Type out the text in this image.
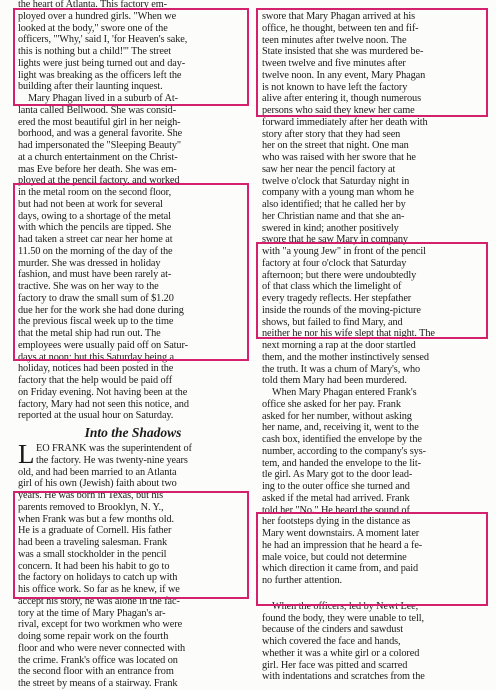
the heart of Atlanta. This factory em-
ployed over a hundred girls. "When we
looked at the body," swore one of the
officers, "'Why,' said I, 'for Heaven's sake,
this is nothing but a child!'" The street
lights were just being turned out and day-
light was breaking as the officers left the
building after their launting inquest.
Mary Phagan lived in a suburb of At-
lanta called Bellwood. She was consid-
ered the most beautiful girl in her neigh-
borhood, and was a general favorite. She
had impersonated the "Sleeping Beauty"
at a church entertainment on the Christ-
mas Eve before her death. She was em-
ployed at the pencil factory, and worked
in the metal room on the second floor,
but had not been at work for several
days, owing to a shortage of the metal
with which the pencils are tipped. She
had taken a street car near her home at
11.50 on the morning of the day of the
murder. She was dressed in holiday
fashion, and must have been rarely at-
tractive. She was on her way to the
factory to draw the small sum of $1.20
due her for the work she had done during
the previous fiscal week up to the time
that the metal ship had run out. The
employees were usually paid off on Satur-
days at noon; but this Saturday being a
holiday, notices had been posted in the
factory that the help would be paid off
on Friday evening. Not having been at the
factory, Mary had not seen this notice, and
reported at the usual hour on Saturday.
Into the Shadows
L EO FRANK was the superintendent of
the factory. He was twenty-nine years
old, and had been married to an Atlanta
girl of his own (Jewish) faith about two
years. He was born in Texas, but his
parents removed to Brooklyn, N. Y.,
when Frank was but a few months old.
He is a graduate of Cornell. His father
had been a traveling salesman. Frank
was a small stockholder in the pencil
concern. It had been his habit to go to
the factory on holidays to catch up with
his office work. So far as he knew, if we
accept his story, he was alone in the fac-
tory at the time of Mary Phagan's ar-
rival, except for two workmen who were
doing some repair work on the fourth
floor and who were never connected with
the crime. Frank's office was located on
the second floor with an entrance from
the street by means of a stairway. Frank
swore that Mary Phagan arrived at his
office, he thought, between ten and fif-
teen minutes after twelve noon. The
State insisted that she was murdered be-
tween twelve and five minutes after
twelve noon. In any event, Mary Phagan
is not known to have left the factory
alive after entering it, though numerous
persons who said they knew her came
forward immediately after her death with
story after story that they had seen
her on the street that night. One man
who was raised with her swore that he
saw her near the pencil factory at
twelve o'clock that Saturday night in
company with a young man whom he
also identified; that he called her by
her Christian name and that she an-
swered in kind; another positively
swore that he saw Mary in company
with "a young Jew" in front of the pencil
factory at four o'clock that Saturday
afternoon; but there were undoubtedly
of that class which the limelight of
every tragedy reflects. Her stepfather
inside the rounds of the moving-picture
shows, but failed to find Mary, and
neither he nor his wife slept that night. The
next morning a rap at the door startled
them, and the mother instinctively sensed
the truth. It was a chum of Mary's, who
told them Mary had been murdered.
When Mary Phagan entered Frank's
office she asked for her pay. Frank
asked for her number, without asking
her name, and, receiving it, went to the
cash box, identified the envelope by the
number, according to the company's sys-
tem, and handed the envelope to the lit-
tle girl. As Mary got to the door lead-
ing to the outer office she turned and
asked if the metal had arrived. Frank
told her "No." He heard the sound of
her footsteps dying in the distance as
Mary went downstairs. A moment later
he had an impression that he heard a fe-
male voice, but could not determine
which direction it came from, and paid
no further attention.
When the officers, led by Newt Lee,
found the body, they were unable to tell,
because of the cinders and sawdust
which covered the face and hands,
whether it was a white girl or a colored
girl. Her face was pitted and scarred
with indentations and scratches from the
